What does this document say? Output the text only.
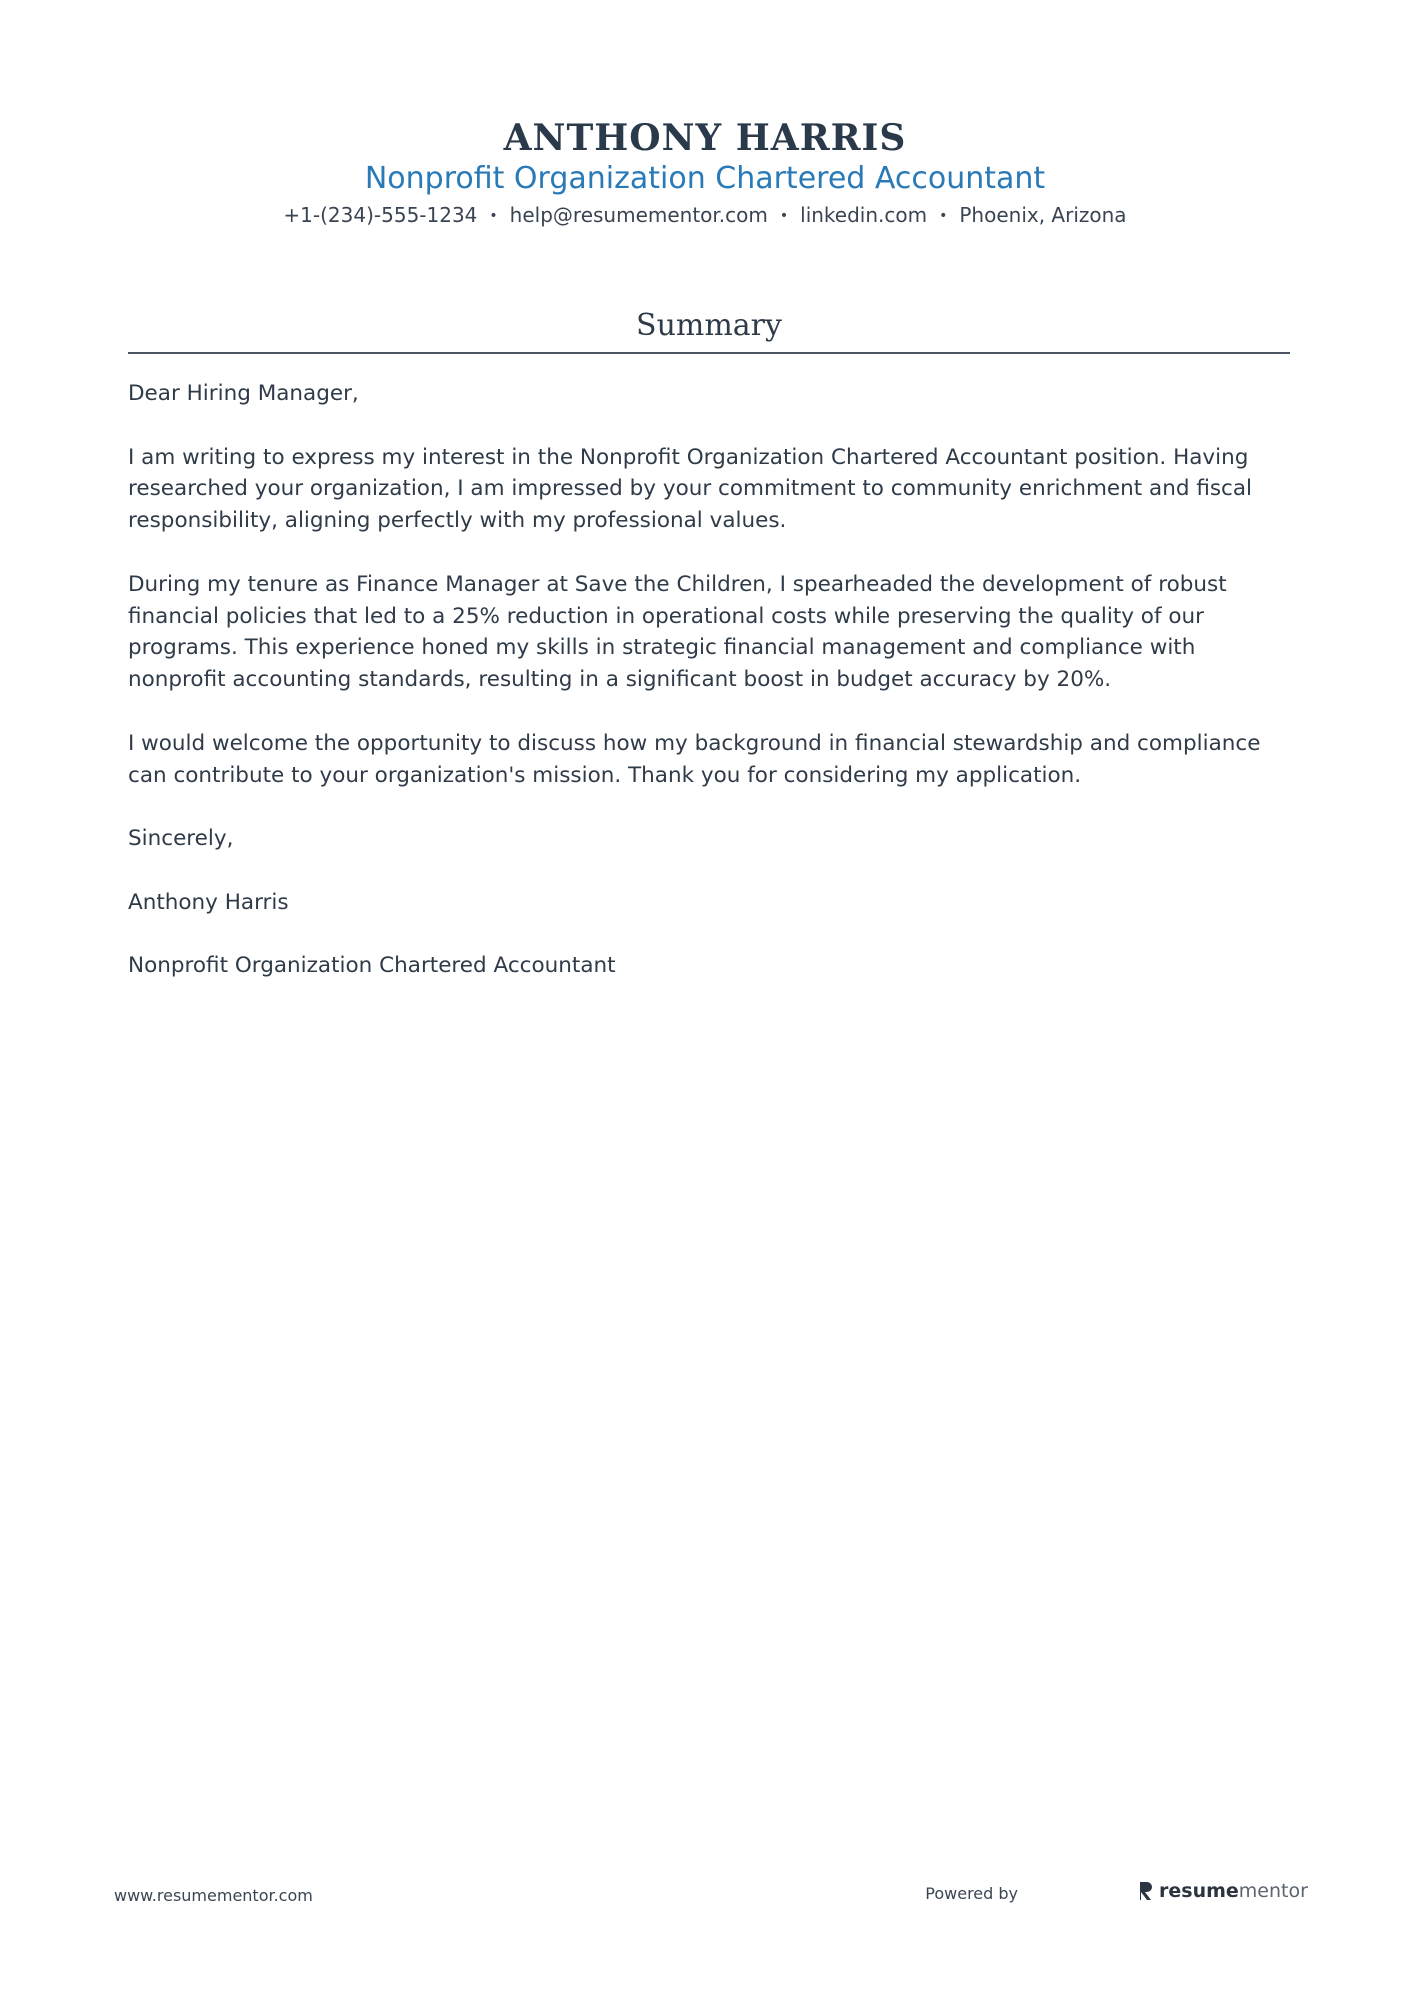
ANTHONY HARRIS
Nonprofit Organization Chartered Accountant
+1-(234)-555-1234 • help@resumementor.com • linkedin.com • Phoenix, Arizona
Summary

Dear Hiring Manager,

I am writing to express my interest in the Nonprofit Organization Chartered Accountant position. Having researched your organization, I am impressed by your commitment to community enrichment and fiscal responsibility, aligning perfectly with my professional values.

During my tenure as Finance Manager at Save the Children, I spearheaded the development of robust financial policies that led to a 25% reduction in operational costs while preserving the quality of our programs. This experience honed my skills in strategic financial management and compliance with nonprofit accounting standards, resulting in a significant boost in budget accuracy by 20%.

I would welcome the opportunity to discuss how my background in financial stewardship and compliance can contribute to your organization's mission. Thank you for considering my application.

Sincerely,

Anthony Harris

Nonprofit Organization Chartered Accountant

www.resumementor.com	Powered by	resumementor
